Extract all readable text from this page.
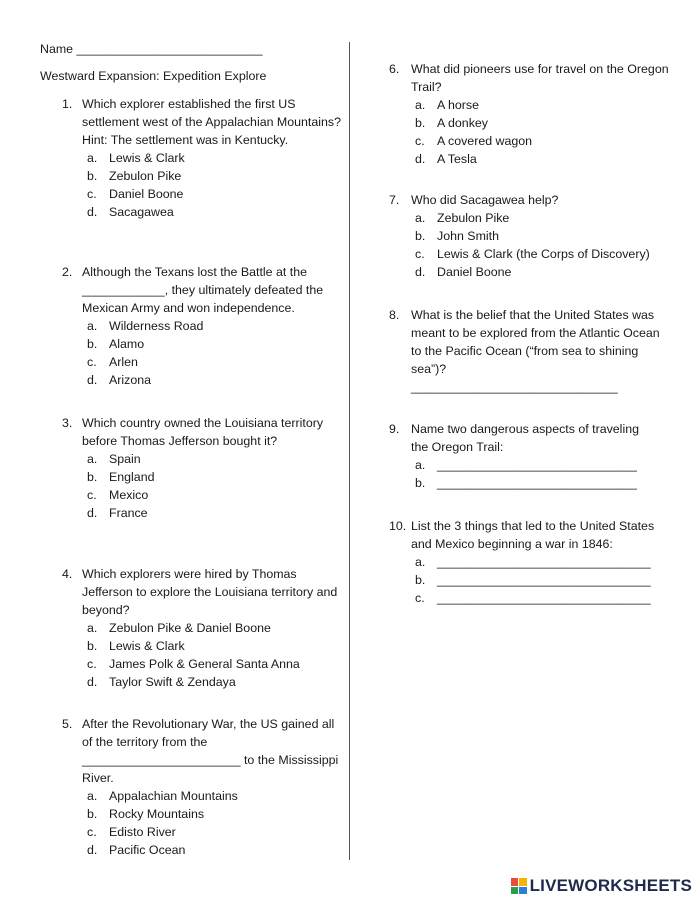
Name ___________________________
Westward Expansion: Expedition Explore
1. Which explorer established the first US settlement west of the Appalachian Mountains? Hint: The settlement was in Kentucky.
a. Lewis & Clark
b. Zebulon Pike
c. Daniel Boone
d. Sacagawea
2. Although the Texans lost the Battle at the
____________, they ultimately defeated the Mexican Army and won independence.
a. Wilderness Road
b. Alamo
c. Arlen
d. Arizona
3. Which country owned the Louisiana territory before Thomas Jefferson bought it?
a. Spain
b. England
c. Mexico
d. France
4. Which explorers were hired by Thomas Jefferson to explore the Louisiana territory and beyond?
a. Zebulon Pike & Daniel Boone
b. Lewis & Clark
c. James Polk & General Santa Anna
d. Taylor Swift & Zendaya
5. After the Revolutionary War, the US gained all of the territory from the
_______________________ to the Mississippi River.
a. Appalachian Mountains
b. Rocky Mountains
c. Edisto River
d. Pacific Ocean
6. What did pioneers use for travel on the Oregon Trail?
a. A horse
b. A donkey
c. A covered wagon
d. A Tesla
7. Who did Sacagawea help?
a. Zebulon Pike
b. John Smith
c. Lewis & Clark (the Corps of Discovery)
d. Daniel Boone
8. What is the belief that the United States was meant to be explored from the Atlantic Ocean to the Pacific Ocean (“from sea to shining sea”)?
______________________________
9. Name two dangerous aspects of traveling the Oregon Trail:
a. _____________________________
b. _____________________________
10. List the 3 things that led to the United States and Mexico beginning a war in 1846:
a. _______________________________
b. _______________________________
c. _______________________________
LIVEWORKSHEETS
